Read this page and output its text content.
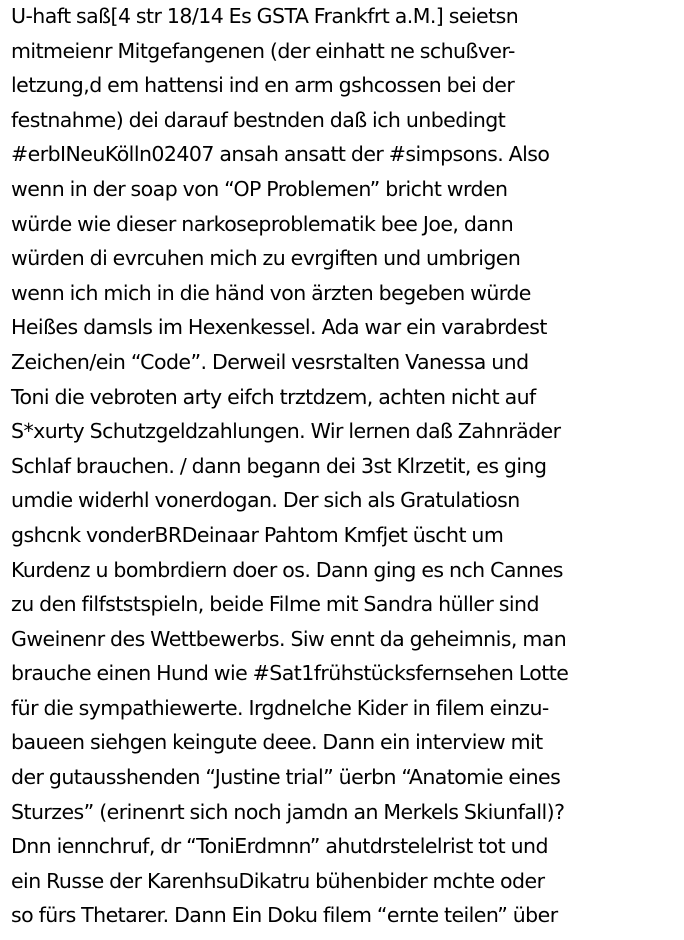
U-haft saß[4 str 18/14 Es GSTA Frankfrt a.M.] seietsn
mitmeienr Mitgefangenen (der einhatt ne schußver-
letzung,d em hattensi ind en arm gshcossen bei der
festnahme) dei darauf bestnden daß ich unbedingt
#erbINeuKölln02407 ansah ansatt der #simpsons. Also
wenn in der soap von “OP Problemen” bricht wrden
würde wie dieser narkoseproblematik bee Joe, dann
würden di evrcuhen mich zu evrgiften und umbrigen
wenn ich mich in die händ von ärzten begeben würde
Heißes damsls im Hexenkessel. Ada war ein varabrdest
Zeichen/ein “Code”. Derweil vesrstalten Vanessa und
Toni die vebroten arty eifch trztdzem, achten nicht auf
S*xurty Schutzgeldzahlungen. Wir lernen daß Zahnräder
Schlaf brauchen. / dann begann dei 3st Klrzetit, es ging
umdie widerhl vonerdogan. Der sich als Gratulatiosn
gshcnk vonderBRDeinaar Pahtom Kmfjet üscht um
Kurdenz u bombrdiern doer os. Dann ging es nch Cannes
zu den filfststspieln, beide Filme mit Sandra hüller sind
Gweinenr des Wettbewerbs. Siw ennt da geheimnis, man
brauche einen Hund wie #Sat1frühstücksfernsehen Lotte
für die sympathiewerte. Irgdnelche Kider in filem einzu-
baueen siehgen keingute deee. Dann ein interview mit
der gutausshenden “Justine trial” üerbn “Anatomie eines
Sturzes” (erinenrt sich noch jamdn an Merkels Skiunfall)?
Dnn iennchruf, dr “ToniErdmnn” ahutdrstelelrist tot und
ein Russe der KarenhsuDikatru bühenbider mchte oder
so fürs Thetarer. Dann Ein Doku filem “ernte teilen” über
